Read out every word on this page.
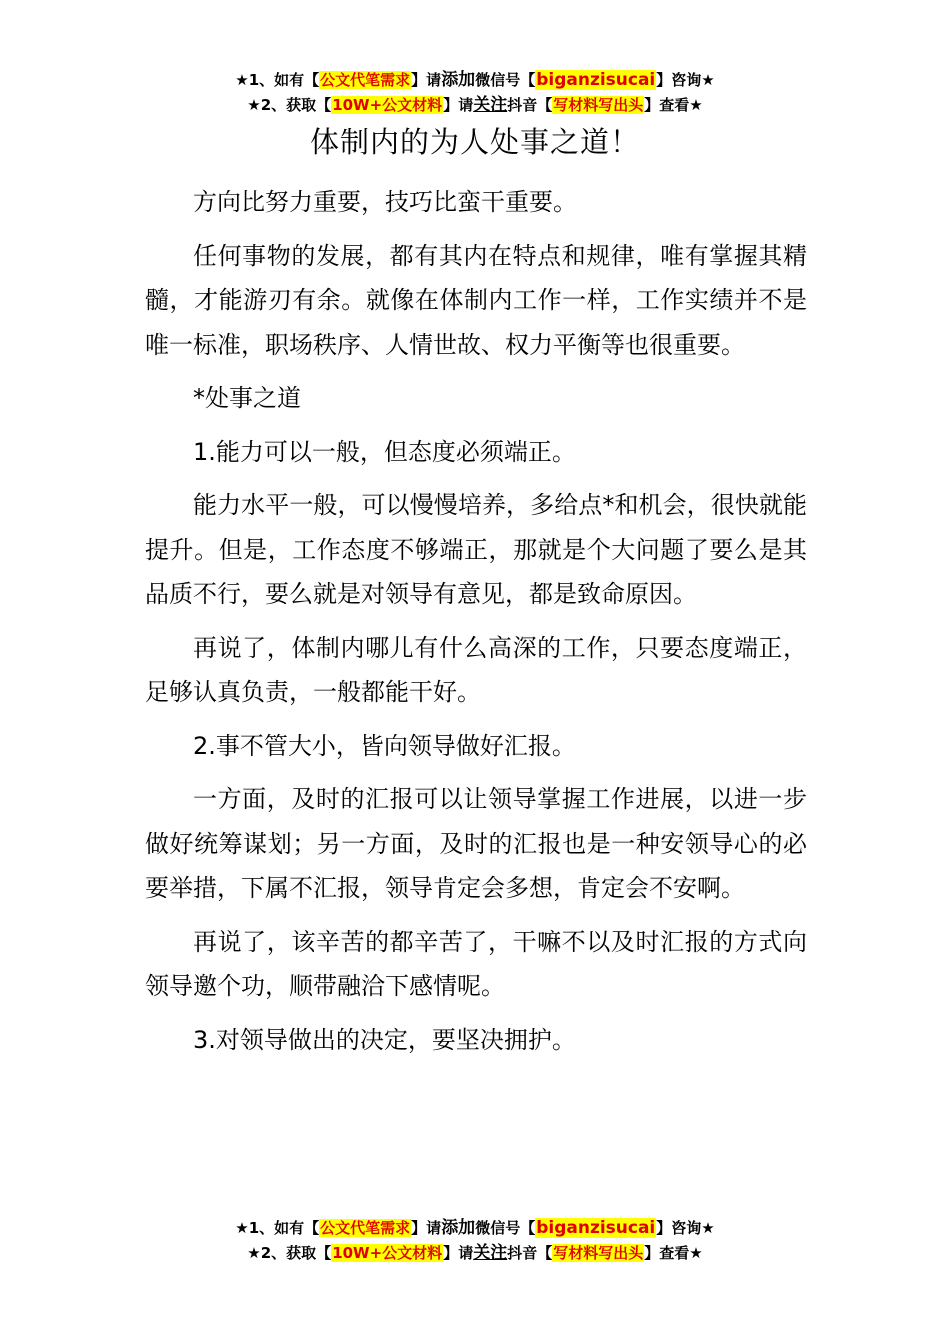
★1、如有【公文代笔需求】请添加微信号【biganzisucai】咨询★
★2、获取【10W+公文材料】请关注抖音【写材料写出头】查看★
体制内的为人处事之道！

方向比努力重要，技巧比蛮干重要。

任何事物的发展，都有其内在特点和规律，唯有掌握其精髓，才能游刃有余。就像在体制内工作一样，工作实绩并不是唯一标准，职场秩序、人情世故、权力平衡等也很重要。

*处事之道

1.能力可以一般，但态度必须端正。

能力水平一般，可以慢慢培养，多给点*和机会，很快就能提升。但是，工作态度不够端正，那就是个大问题了要么是其品质不行，要么就是对领导有意见，都是致命原因。

再说了，体制内哪儿有什么高深的工作，只要态度端正，足够认真负责，一般都能干好。

2.事不管大小，皆向领导做好汇报。

一方面，及时的汇报可以让领导掌握工作进展，以进一步做好统筹谋划；另一方面，及时的汇报也是一种安领导心的必要举措，下属不汇报，领导肯定会多想，肯定会不安啊。

再说了，该辛苦的都辛苦了，干嘛不以及时汇报的方式向领导邀个功，顺带融洽下感情呢。

3.对领导做出的决定，要坚决拥护。

★1、如有【公文代笔需求】请添加微信号【biganzisucai】咨询★
★2、获取【10W+公文材料】请关注抖音【写材料写出头】查看★
